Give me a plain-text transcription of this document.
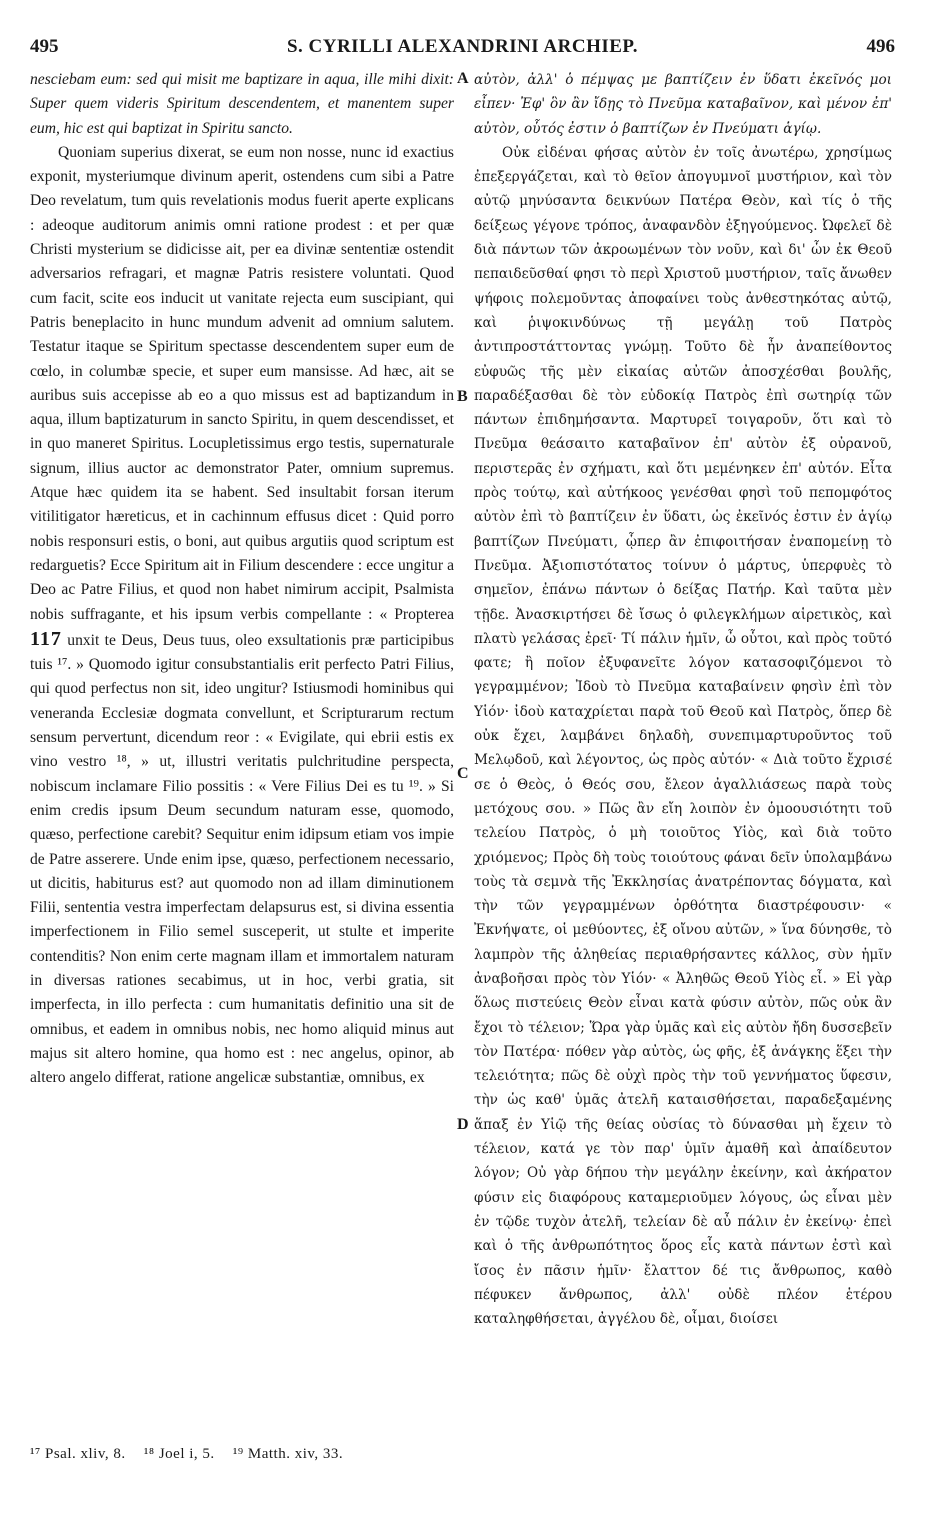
495	S. CYRILLI ALEXANDRINI ARCHIEP.	496

nesciebam eum: sed qui misit me baptizare in aqua, ille mihi dixit: Super quem videris Spiritum descendentem, et manentem super eum, hic est qui baptizat in Spiritu sancto.

Quoniam superius dixerat, se eum non nosse, nunc id exactius exponit, mysteriumque divinum aperit, ostendens cum sibi a Patre Deo revelatum, tum quis revelationis modus fuerit aperte explicans : adeoque auditorum animis omni ratione prodest : et per quæ Christi mysterium se didicisse ait, per ea divinæ sententiæ ostendit adversarios refragari, et magnæ Patris resistere voluntati. Quod cum facit, scite eos inducit ut vanitate rejecta eum suscipiant, qui Patris beneplacito in hunc mundum advenit ad omnium salutem. Testatur itaque se Spiritum spectasse descendentem super eum de cœlo, in columbæ specie, et super eum mansisse. Ad hæc, ait se auribus suis accepisse ab eo a quo missus est ad baptizandum in aqua, illum baptizaturum in sancto Spiritu, in quem descendisset, et in quo maneret Spiritus. Locupletissimus ergo testis, supernaturale signum, illius auctor ac demonstrator Pater, omnium supremus. Atque hæc quidem ita se habent. Sed insultabit forsan iterum vitilitigator hæreticus, et in cachinnum effusus dicet : Quid porro nobis responsuri estis, o boni, aut quibus argutiis quod scriptum est redarguetis? Ecce Spiritum ait in Filium descendere : ecce ungitur a Deo ac Patre Filius, et quod non habet nimirum accipit, Psalmista nobis suffragante, et his ipsum verbis compellante : « Propterea 117 unxit te Deus, Deus tuus, oleo exsultationis præ participibus tuis ¹⁷. » Quomodo igitur consubstantialis erit perfecto Patri Filius, qui quod perfectus non sit, ideo ungitur? Istiusmodi hominibus qui veneranda Ecclesiæ dogmata convellunt, et Scripturarum rectum sensum pervertunt, dicendum reor : « Evigilate, qui ebrii estis ex vino vestro ¹⁸, » ut, illustri veritatis pulchritudine perspecta, nobiscum inclamare Filio possitis : « Vere Filius Dei es tu ¹⁹. » Si enim credis ipsum Deum secundum naturam esse, quomodo, quæso, perfectione carebit? Sequitur enim idipsum etiam vos impie de Patre asserere. Unde enim ipse, quæso, perfectionem necessario, ut dicitis, habiturus est? aut quomodo non ad illam diminutionem Filii, sententia vestra imperfectam delapsurus est, si divina essentia imperfectionem in Filio semel susceperit, ut stulte et imperite contenditis? Non enim certe magnam illam et immortalem naturam in diversas rationes secabimus, ut in hoc, verbi gratia, sit imperfecta, in illo perfecta : cum humanitatis definitio una sit de omnibus, et eadem in omnibus nobis, nec homo aliquid minus aut majus sit altero homine, qua homo est : nec angelus, opinor, ab altero angelo differat, ratione angelicæ substantiæ, omnibus, ex

A
B
C
D

αὐτὸν, ἀλλ' ὁ πέμψας με βαπτίζειν ἐν ὕδατι ἐκεῖνός μοι εἶπεν· Ἐφ' ὃν ἂν ἴδῃς τὸ Πνεῦμα καταβαῖνον, καὶ μένον ἐπ' αὐτὸν, οὗτός ἐστιν ὁ βαπτίζων ἐν Πνεύματι ἁγίῳ.

Οὐκ εἰδέναι φήσας αὐτὸν ἐν τοῖς ἀνωτέρω, χρησίμως ἐπεξεργάζεται, καὶ τὸ θεῖον ἀπογυμνοῖ μυστήριον, καὶ τὸν αὐτῷ μηνύσαντα δεικνύων Πατέρα Θεὸν, καὶ τίς ὁ τῆς δείξεως γέγονε τρόπος, ἀναφανδὸν ἐξηγούμενος. Ὠφελεῖ δὲ διὰ πάντων τῶν ἀκροωμένων τὸν νοῦν, καὶ δι' ὧν ἐκ Θεοῦ πεπαιδεῦσθαί φησι τὸ περὶ Χριστοῦ μυστήριον, ταῖς ἄνωθεν ψήφοις πολεμοῦντας ἀποφαίνει τοὺς ἀνθεστηκότας αὐτῷ, καὶ ῥιψοκινδύνως τῇ μεγάλῃ τοῦ Πατρὸς ἀντιπροστάττοντας γνώμῃ. Τοῦτο δὲ ἦν ἀναπείθοντος εὐφυῶς τῆς μὲν εἰκαίας αὐτῶν ἀποσχέσθαι βουλῆς, παραδέξασθαι δὲ τὸν εὐδοκίᾳ Πατρὸς ἐπὶ σωτηρίᾳ τῶν πάντων ἐπιδημήσαντα. Μαρτυρεῖ τοιγαροῦν, ὅτι καὶ τὸ Πνεῦμα θεάσαιτο καταβαῖνον ἐπ' αὐτὸν ἐξ οὐρανοῦ, περιστερᾶς ἐν σχήματι, καὶ ὅτι μεμένηκεν ἐπ' αὐτόν. Εἶτα πρὸς τούτῳ, καὶ αὐτήκοος γενέσθαι φησὶ τοῦ πεπομφότος αὐτὸν ἐπὶ τὸ βαπτίζειν ἐν ὕδατι, ὡς ἐκεῖνός ἐστιν ἐν ἁγίῳ βαπτίζων Πνεύματι, ᾧπερ ἂν ἐπιφοιτήσαν ἐναπομείνῃ τὸ Πνεῦμα. Ἀξιοπιστότατος τοίνυν ὁ μάρτυς, ὑπερφυὲς τὸ σημεῖον, ἐπάνω πάντων ὁ δείξας Πατήρ. Καὶ ταῦτα μὲν τῇδε. Ἀνασκιρτήσει δὲ ἴσως ὁ φιλεγκλήμων αἱρετικὸς, καὶ πλατὺ γελάσας ἐρεῖ· Τί πάλιν ἡμῖν, ὦ οὗτοι, καὶ πρὸς τοῦτό φατε; ἢ ποῖον ἐξυφανεῖτε λόγον κατασοφιζόμενοι τὸ γεγραμμένον; Ἰδοὺ τὸ Πνεῦμα καταβαίνειν φησὶν ἐπὶ τὸν Υἱόν· ἰδοὺ καταχρίεται παρὰ τοῦ Θεοῦ καὶ Πατρὸς, ὅπερ δὲ οὐκ ἔχει, λαμβάνει δηλαδὴ, συνεπιμαρτυροῦντος τοῦ Μελῳδοῦ, καὶ λέγοντος, ὡς πρὸς αὐτόν· « Διὰ τοῦτο ἔχρισέ σε ὁ Θεὸς, ὁ Θεός σου, ἔλεον ἀγαλλιάσεως παρὰ τοὺς μετόχους σου. » Πῶς ἂν εἴη λοιπὸν ἐν ὁμοουσιότητι τοῦ τελείου Πατρὸς, ὁ μὴ τοιοῦτος Υἱὸς, καὶ διὰ τοῦτο χριόμενος; Πρὸς δὴ τοὺς τοιούτους φάναι δεῖν ὑπολαμβάνω τοὺς τὰ σεμνὰ τῆς Ἐκκλησίας ἀνατρέποντας δόγματα, καὶ τὴν τῶν γεγραμμένων ὀρθότητα διαστρέφουσιν· « Ἐκνήψατε, οἱ μεθύοντες, ἐξ οἴνου αὐτῶν, » ἵνα δύνησθε, τὸ λαμπρὸν τῆς ἀληθείας περιαθρήσαντες κάλλος, σὺν ἡμῖν ἀναβοῆσαι πρὸς τὸν Υἱόν· « Ἀληθῶς Θεοῦ Υἱὸς εἶ. » Εἰ γὰρ ὅλως πιστεύεις Θεὸν εἶναι κατὰ φύσιν αὐτὸν, πῶς οὐκ ἂν ἔχοι τὸ τέλειον; Ὥρα γὰρ ὑμᾶς καὶ εἰς αὐτὸν ἤδη δυσσεβεῖν τὸν Πατέρα· πόθεν γὰρ αὐτὸς, ὡς φῆς, ἐξ ἀνάγκης ἕξει τὴν τελειότητα; πῶς δὲ οὐχὶ πρὸς τὴν τοῦ γεννήματος ὕφεσιν, τὴν ὡς καθ' ὑμᾶς ἀτελῆ καταισθήσεται, παραδεξαμένης ἅπαξ ἐν Υἱῷ τῆς θείας οὐσίας τὸ δύνασθαι μὴ ἔχειν τὸ τέλειον, κατά γε τὸν παρ' ὑμῖν ἀμαθῆ καὶ ἀπαίδευτον λόγον; Οὐ γὰρ δήπου τὴν μεγάλην ἐκείνην, καὶ ἀκήρατον φύσιν εἰς διαφόρους καταμεριοῦμεν λόγους, ὡς εἶναι μὲν ἐν τῷδε τυχὸν ἀτελῆ, τελείαν δὲ αὖ πάλιν ἐν ἐκείνῳ· ἐπεὶ καὶ ὁ τῆς ἀνθρωπότητος ὅρος εἷς κατὰ πάντων ἐστὶ καὶ ἴσος ἐν πᾶσιν ἡμῖν· ἔλαττον δέ τις ἄνθρωπος, καθὸ πέφυκεν ἄνθρωπος, ἀλλ' οὐδὲ πλέον ἑτέρου καταληφθήσεται, ἀγγέλου δὲ, οἶμαι, διοίσει

¹⁷ Psal. xliv, 8. ¹⁸ Joel i, 5. ¹⁹ Matth. xiv, 33.
